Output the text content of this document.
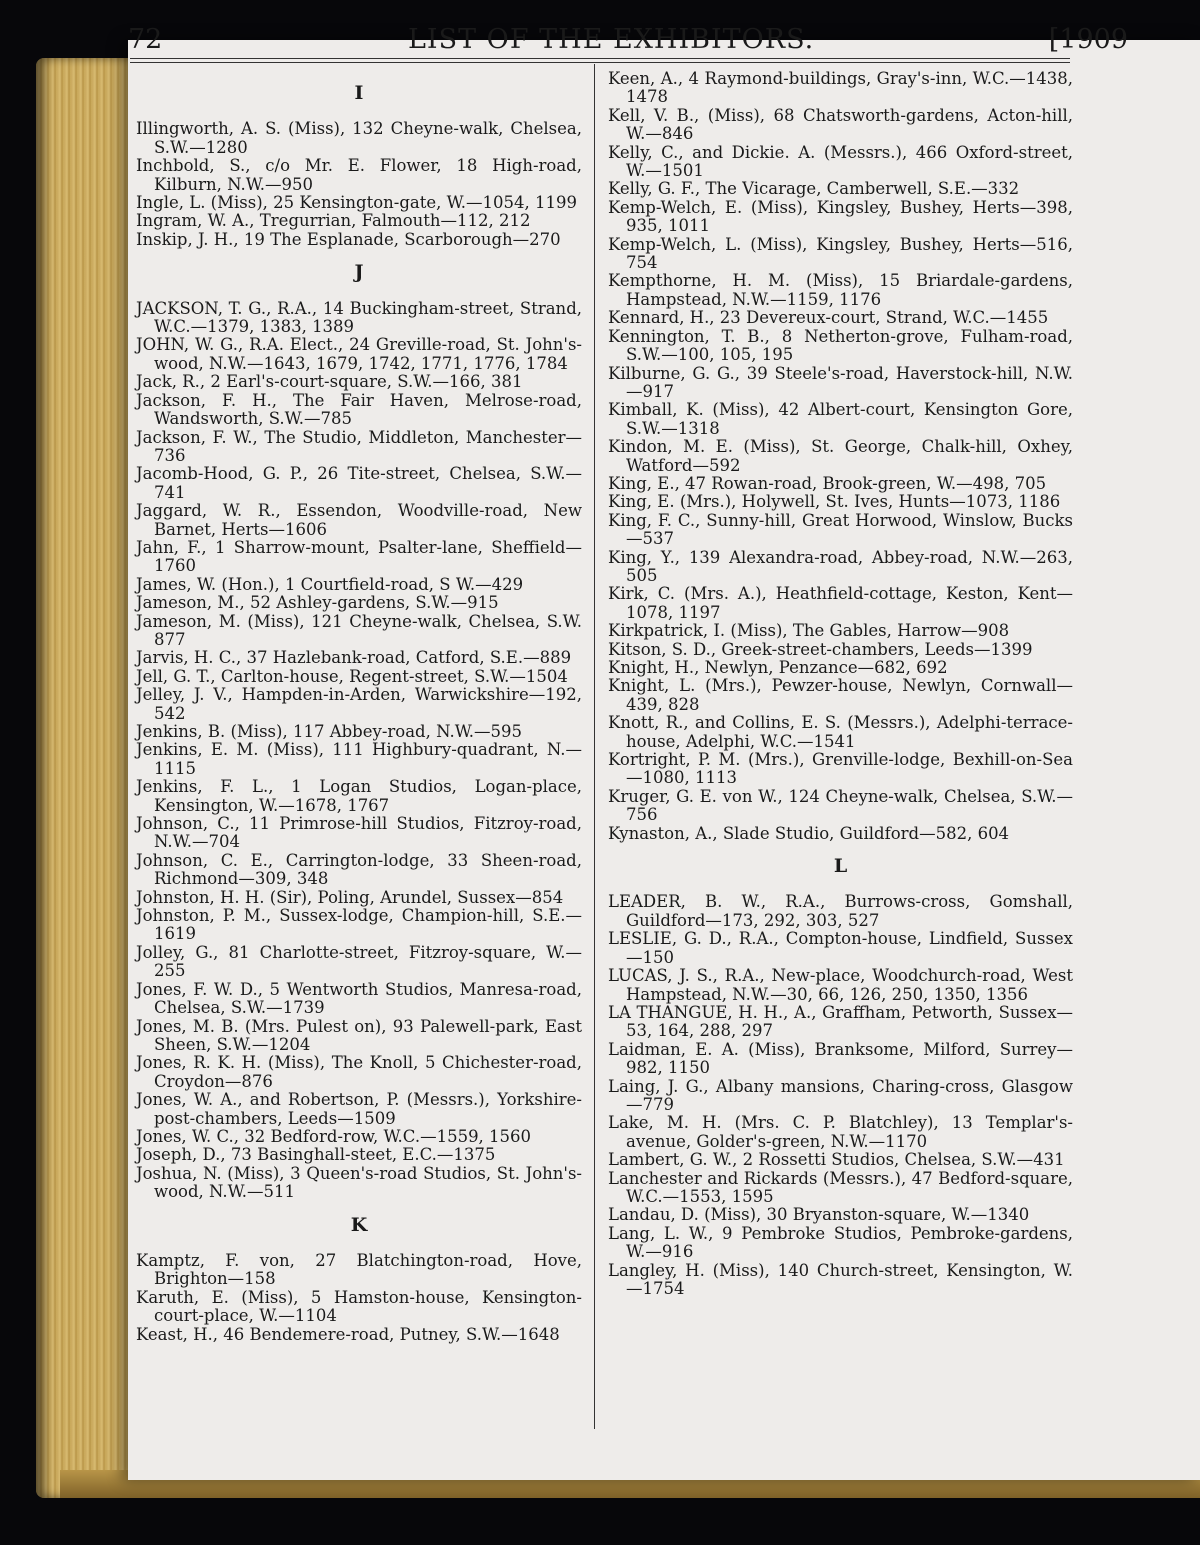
72	LIST OF THE EXHIBITORS.	[1909
I
Illingworth, A. S. (Miss), 132 Cheyne-walk, Chelsea, S.W.—1280
Inchbold, S., c/o Mr. E. Flower, 18 High-road, Kilburn, N.W.—950
Ingle, L. (Miss), 25 Kensington-gate, W.—1054, 1199
Ingram, W. A., Tregurrian, Falmouth—112, 212
Inskip, J. H., 19 The Esplanade, Scarborough—270
J
JACKSON, T. G., R.A., 14 Buckingham-street, Strand, W.C.—1379, 1383, 1389
JOHN, W. G., R.A. Elect., 24 Greville-road, St. John's-wood, N.W.—1643, 1679, 1742, 1771, 1776, 1784
Jack, R., 2 Earl's-court-square, S.W.—166, 381
Jackson, F. H., The Fair Haven, Melrose-road, Wandsworth, S.W.—785
Jackson, F. W., The Studio, Middleton, Manchester—736
Jacomb-Hood, G. P., 26 Tite-street, Chelsea, S.W.—741
Jaggard, W. R., Essendon, Woodville-road, New Barnet, Herts—1606
Jahn, F., 1 Sharrow-mount, Psalter-lane, Sheffield—1760
James, W. (Hon.), 1 Courtfield-road, S W.—429
Jameson, M., 52 Ashley-gardens, S.W.—915
Jameson, M. (Miss), 121 Cheyne-walk, Chelsea, S.W. 877
Jarvis, H. C., 37 Hazlebank-road, Catford, S.E.—889
Jell, G. T., Carlton-house, Regent-street, S.W.—1504
Jelley, J. V., Hampden-in-Arden, Warwickshire—192, 542
Jenkins, B. (Miss), 117 Abbey-road, N.W.—595
Jenkins, E. M. (Miss), 111 Highbury-quadrant, N.—1115
Jenkins, F. L., 1 Logan Studios, Logan-place, Kensington, W.—1678, 1767
Johnson, C., 11 Primrose-hill Studios, Fitzroy-road, N.W.—704
Johnson, C. E., Carrington-lodge, 33 Sheen-road, Richmond—309, 348
Johnston, H. H. (Sir), Poling, Arundel, Sussex—854
Johnston, P. M., Sussex-lodge, Champion-hill, S.E.—1619
Jolley, G., 81 Charlotte-street, Fitzroy-square, W.—255
Jones, F. W. D., 5 Wentworth Studios, Manresa-road, Chelsea, S.W.—1739
Jones, M. B. (Mrs. Pulest on), 93 Palewell-park, East Sheen, S.W.—1204
Jones, R. K. H. (Miss), The Knoll, 5 Chichester-road, Croydon—876
Jones, W. A., and Robertson, P. (Messrs.), Yorkshire-post-chambers, Leeds—1509
Jones, W. C., 32 Bedford-row, W.C.—1559, 1560
Joseph, D., 73 Basinghall-steet, E.C.—1375
Joshua, N. (Miss), 3 Queen's-road Studios, St. John's-wood, N.W.—511
K
Kamptz, F. von, 27 Blatchington-road, Hove, Brighton—158
Karuth, E. (Miss), 5 Hamston-house, Kensington-court-place, W.—1104
Keast, H., 46 Bendemere-road, Putney, S.W.—1648
Keen, A., 4 Raymond-buildings, Gray's-inn, W.C.—1438, 1478
Kell, V. B., (Miss), 68 Chatsworth-gardens, Acton-hill, W.—846
Kelly, C., and Dickie. A. (Messrs.), 466 Oxford-street, W.—1501
Kelly, G. F., The Vicarage, Camberwell, S.E.—332
Kemp-Welch, E. (Miss), Kingsley, Bushey, Herts—398, 935, 1011
Kemp-Welch, L. (Miss), Kingsley, Bushey, Herts—516, 754
Kempthorne, H. M. (Miss), 15 Briardale-gardens, Hampstead, N.W.—1159, 1176
Kennard, H., 23 Devereux-court, Strand, W.C.—1455
Kennington, T. B., 8 Netherton-grove, Fulham-road, S.W.—100, 105, 195
Kilburne, G. G., 39 Steele's-road, Haverstock-hill, N.W.—917
Kimball, K. (Miss), 42 Albert-court, Kensington Gore, S.W.—1318
Kindon, M. E. (Miss), St. George, Chalk-hill, Oxhey, Watford—592
King, E., 47 Rowan-road, Brook-green, W.—498, 705
King, E. (Mrs.), Holywell, St. Ives, Hunts—1073, 1186
King, F. C., Sunny-hill, Great Horwood, Winslow, Bucks—537
King, Y., 139 Alexandra-road, Abbey-road, N.W.—263, 505
Kirk, C. (Mrs. A.), Heathfield-cottage, Keston, Kent—1078, 1197
Kirkpatrick, I. (Miss), The Gables, Harrow—908
Kitson, S. D., Greek-street-chambers, Leeds—1399
Knight, H., Newlyn, Penzance—682, 692
Knight, L. (Mrs.), Pewzer-house, Newlyn, Cornwall—439, 828
Knott, R., and Collins, E. S. (Messrs.), Adelphi-terrace-house, Adelphi, W.C.—1541
Kortright, P. M. (Mrs.), Grenville-lodge, Bexhill-on-Sea—1080, 1113
Kruger, G. E. von W., 124 Cheyne-walk, Chelsea, S.W.—756
Kynaston, A., Slade Studio, Guildford—582, 604
L
LEADER, B. W., R.A., Burrows-cross, Gomshall, Guildford—173, 292, 303, 527
LESLIE, G. D., R.A., Compton-house, Lindfield, Sussex—150
LUCAS, J. S., R.A., New-place, Woodchurch-road, West Hampstead, N.W.—30, 66, 126, 250, 1350, 1356
LA THANGUE, H. H., A., Graffham, Petworth, Sussex—53, 164, 288, 297
Laidman, E. A. (Miss), Branksome, Milford, Surrey—982, 1150
Laing, J. G., Albany mansions, Charing-cross, Glasgow—779
Lake, M. H. (Mrs. C. P. Blatchley), 13 Templar's-avenue, Golder's-green, N.W.—1170
Lambert, G. W., 2 Rossetti Studios, Chelsea, S.W.—431
Lanchester and Rickards (Messrs.), 47 Bedford-square, W.C.—1553, 1595
Landau, D. (Miss), 30 Bryanston-square, W.—1340
Lang, L. W., 9 Pembroke Studios, Pembroke-gardens, W.—916
Langley, H. (Miss), 140 Church-street, Kensington, W.—1754
